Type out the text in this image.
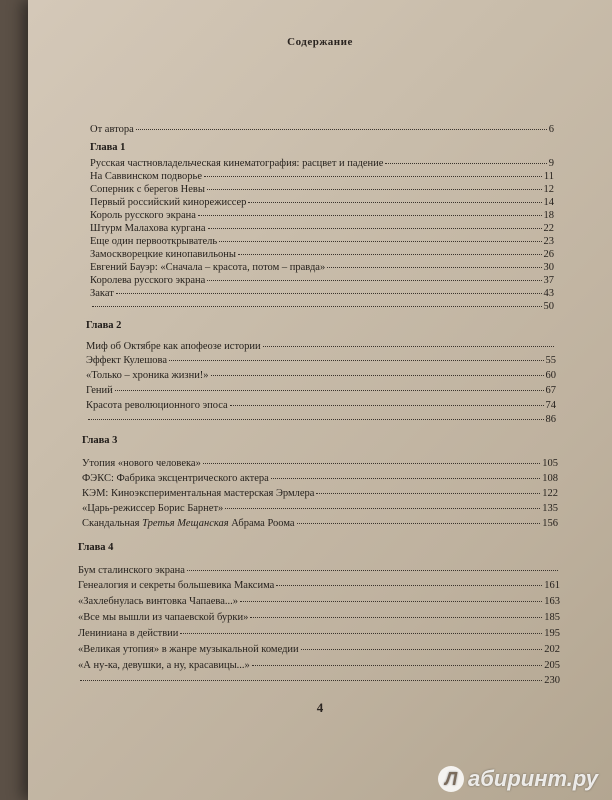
Содержание
От автора	6
Глава 1
Русская частновладельческая кинематография: расцвет и падение	9
На Саввинском подворье	11
Соперник с берегов Невы	12
Первый российский кинорежиссер	14
Король русского экрана	18
Штурм Малахова кургана	22
Еще один первооткрыватель	23
Замоскворецкие кинопавильоны	26
Евгений Бауэр: «Сначала – красота, потом – правда»	30
Королева русского экрана	37
Закат	43
50
Глава 2
Миф об Октябре как апофеозе истории
Эффект Кулешова	55
«Только – хроника жизни!»	60
Гений	67
Красота революционного эпоса	74
86
Глава 3
Утопия «нового человека»	105
ФЭКС: Фабрика эксцентрического актера	108
КЭМ: Киноэкспериментальная мастерская Эрмлера	122
«Царь-режиссер Борис Барнет»	135
Скандальная Третья Мещанская Абрама Роома	156
Глава 4
Бум сталинского экрана
Генеалогия и секреты большевика Максима	161
«Захлебнулась винтовка Чапаева...»	163
«Все мы вышли из чапаевской бурки»	185
Лениниана в действии	195
«Великая утопия» в жанре музыкальной комедии	202
«А ну-ка, девушки, а ну, красавицы...»	205
230
4
Л абиринт.ру
